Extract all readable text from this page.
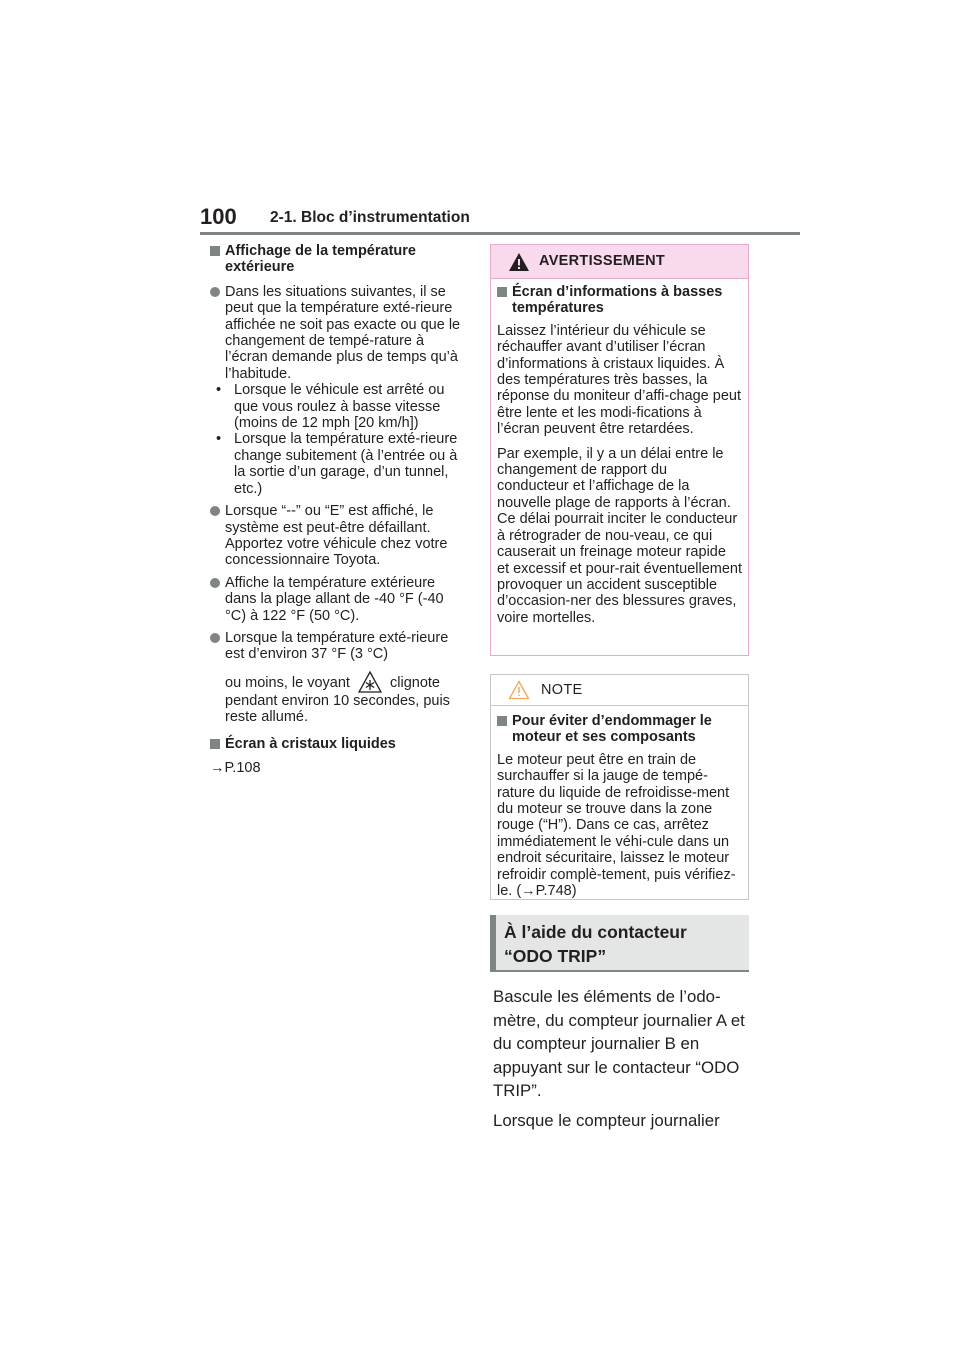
100 2-1. Bloc d’instrumentation
Affichage de la température extérieure
Dans les situations suivantes, il se peut que la température exté-rieure affichée ne soit pas exacte ou que le changement de tempé-rature à l’écran demande plus de temps qu’à l’habitude.
• Lorsque le véhicule est arrêté ou que vous roulez à basse vitesse (moins de 12 mph [20 km/h])
• Lorsque la température exté-rieure change subitement (à l’entrée ou à la sortie d’un garage, d’un tunnel, etc.)
Lorsque “--” ou “E” est affiché, le système est peut-être défaillant. Apportez votre véhicule chez votre concessionnaire Toyota.
Affiche la température extérieure dans la plage allant de -40 °F (-40 °C) à 122 °F (50 °C).
Lorsque la température exté-rieure est d’environ 37 °F (3 °C)
ou moins, le voyant	clignote pendant environ 10 secondes, puis reste allumé.
Écran à cristaux liquides
→P.108
AVERTISSEMENT
Écran d’informations à basses températures

Laissez l’intérieur du véhicule se réchauffer avant d’utiliser l’écran d’informations à cristaux liquides. À des températures très basses, la réponse du moniteur d’affi-chage peut être lente et les modi-fications à l’écran peuvent être retardées.

Par exemple, il y a un délai entre le changement de rapport du conducteur et l’affichage de la nouvelle plage de rapports à l’écran. Ce délai pourrait inciter le conducteur à rétrograder de nou-veau, ce qui causerait un freinage moteur rapide et excessif et pour-rait éventuellement provoquer un accident susceptible d’occasion-ner des blessures graves, voire mortelles.

NOTE
Pour éviter d’endommager le moteur et ses composants

Le moteur peut être en train de surchauffer si la jauge de tempé-rature du liquide de refroidisse-ment du moteur se trouve dans la zone rouge (“H”). Dans ce cas, arrêtez immédiatement le véhi-cule dans un endroit sécuritaire, laissez le moteur refroidir complè-tement, puis vérifiez-le. (→P.748)

À l’aide du contacteur
“ODO TRIP”

Bascule les éléments de l’odo-mètre, du compteur journalier A et du compteur journalier B en appuyant sur le contacteur “ODO TRIP”.

Lorsque le compteur journalier
